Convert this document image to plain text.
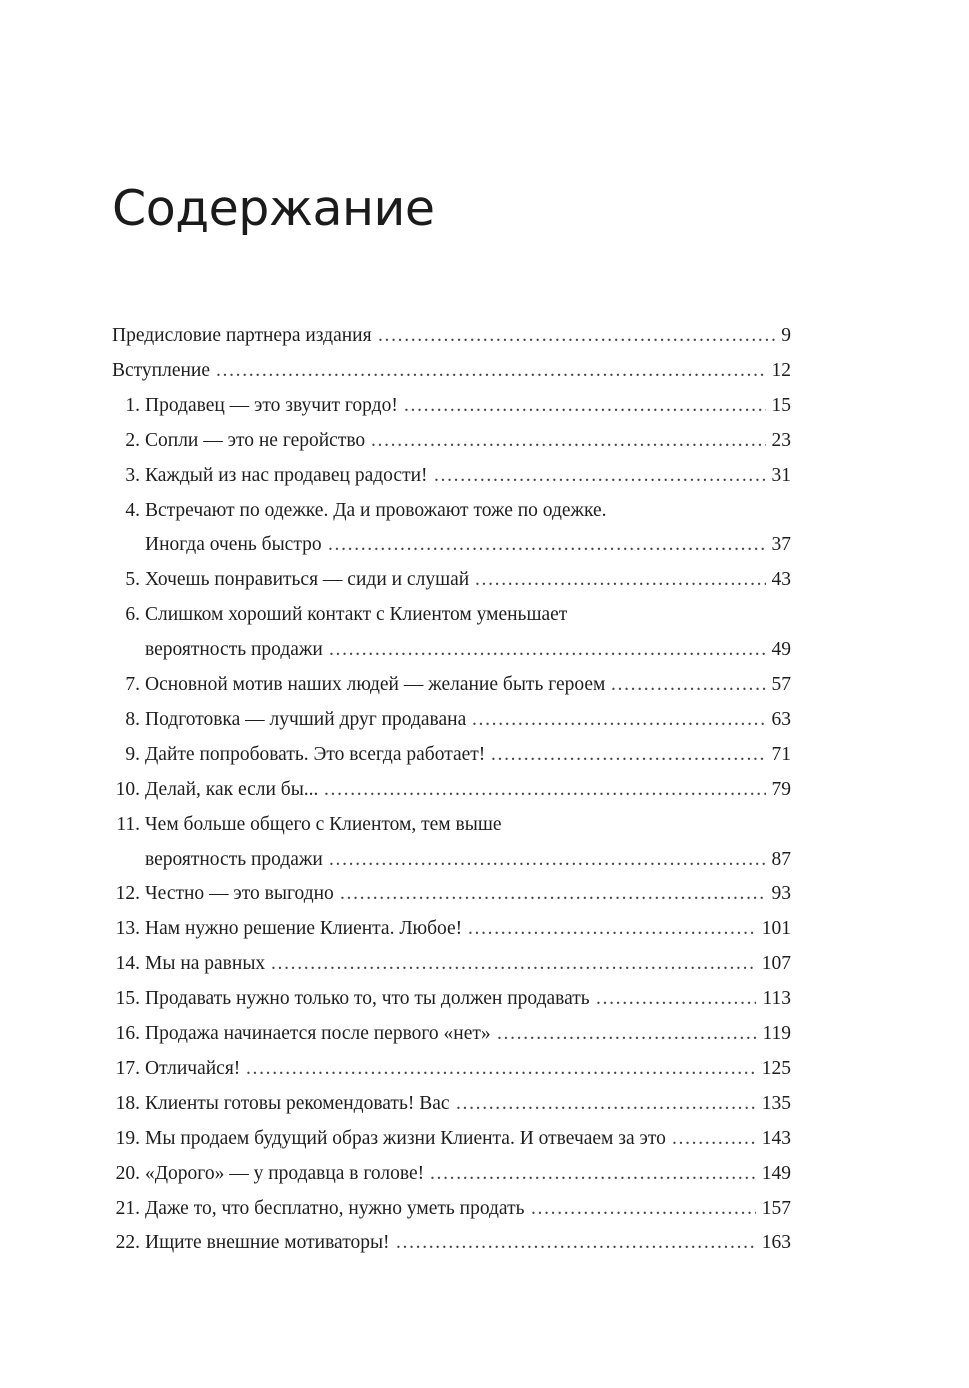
Содержание
Предисловие партнера издания . . .	9
Вступление . . .	12
1. Продавец — это звучит гордо! . . .	15
2. Сопли — это не геройство . . .	23
3. Каждый из нас продавец радости! . . .	31
4. Встречают по одежке. Да и провожают тоже по одежке.
Иногда очень быстро . . .	37
5. Хочешь понравиться — сиди и слушай . . .	43
6. Слишком хороший контакт с Клиентом уменьшает
вероятность продажи . . .	49
7. Основной мотив наших людей — желание быть героем . . .	57
8. Подготовка — лучший друг продавана . . .	63
9. Дайте попробовать. Это всегда работает! . . .	71
10. Делай, как если бы... . . .	79
11. Чем больше общего с Клиентом, тем выше
вероятность продажи . . .	87
12. Честно — это выгодно . . .	93
13. Нам нужно решение Клиента. Любое! . . .	101
14. Мы на равных . . .	107
15. Продавать нужно только то, что ты должен продавать . . .	113
16. Продажа начинается после первого «нет» . . .	119
17. Отличайся! . . .	125
18. Клиенты готовы рекомендовать! Вас . . .	135
19. Мы продаем будущий образ жизни Клиента. И отвечаем за это . . .	143
20. «Дорого» — у продавца в голове! . . .	149
21. Даже то, что бесплатно, нужно уметь продать . . .	157
22. Ищите внешние мотиваторы! . . .	163
